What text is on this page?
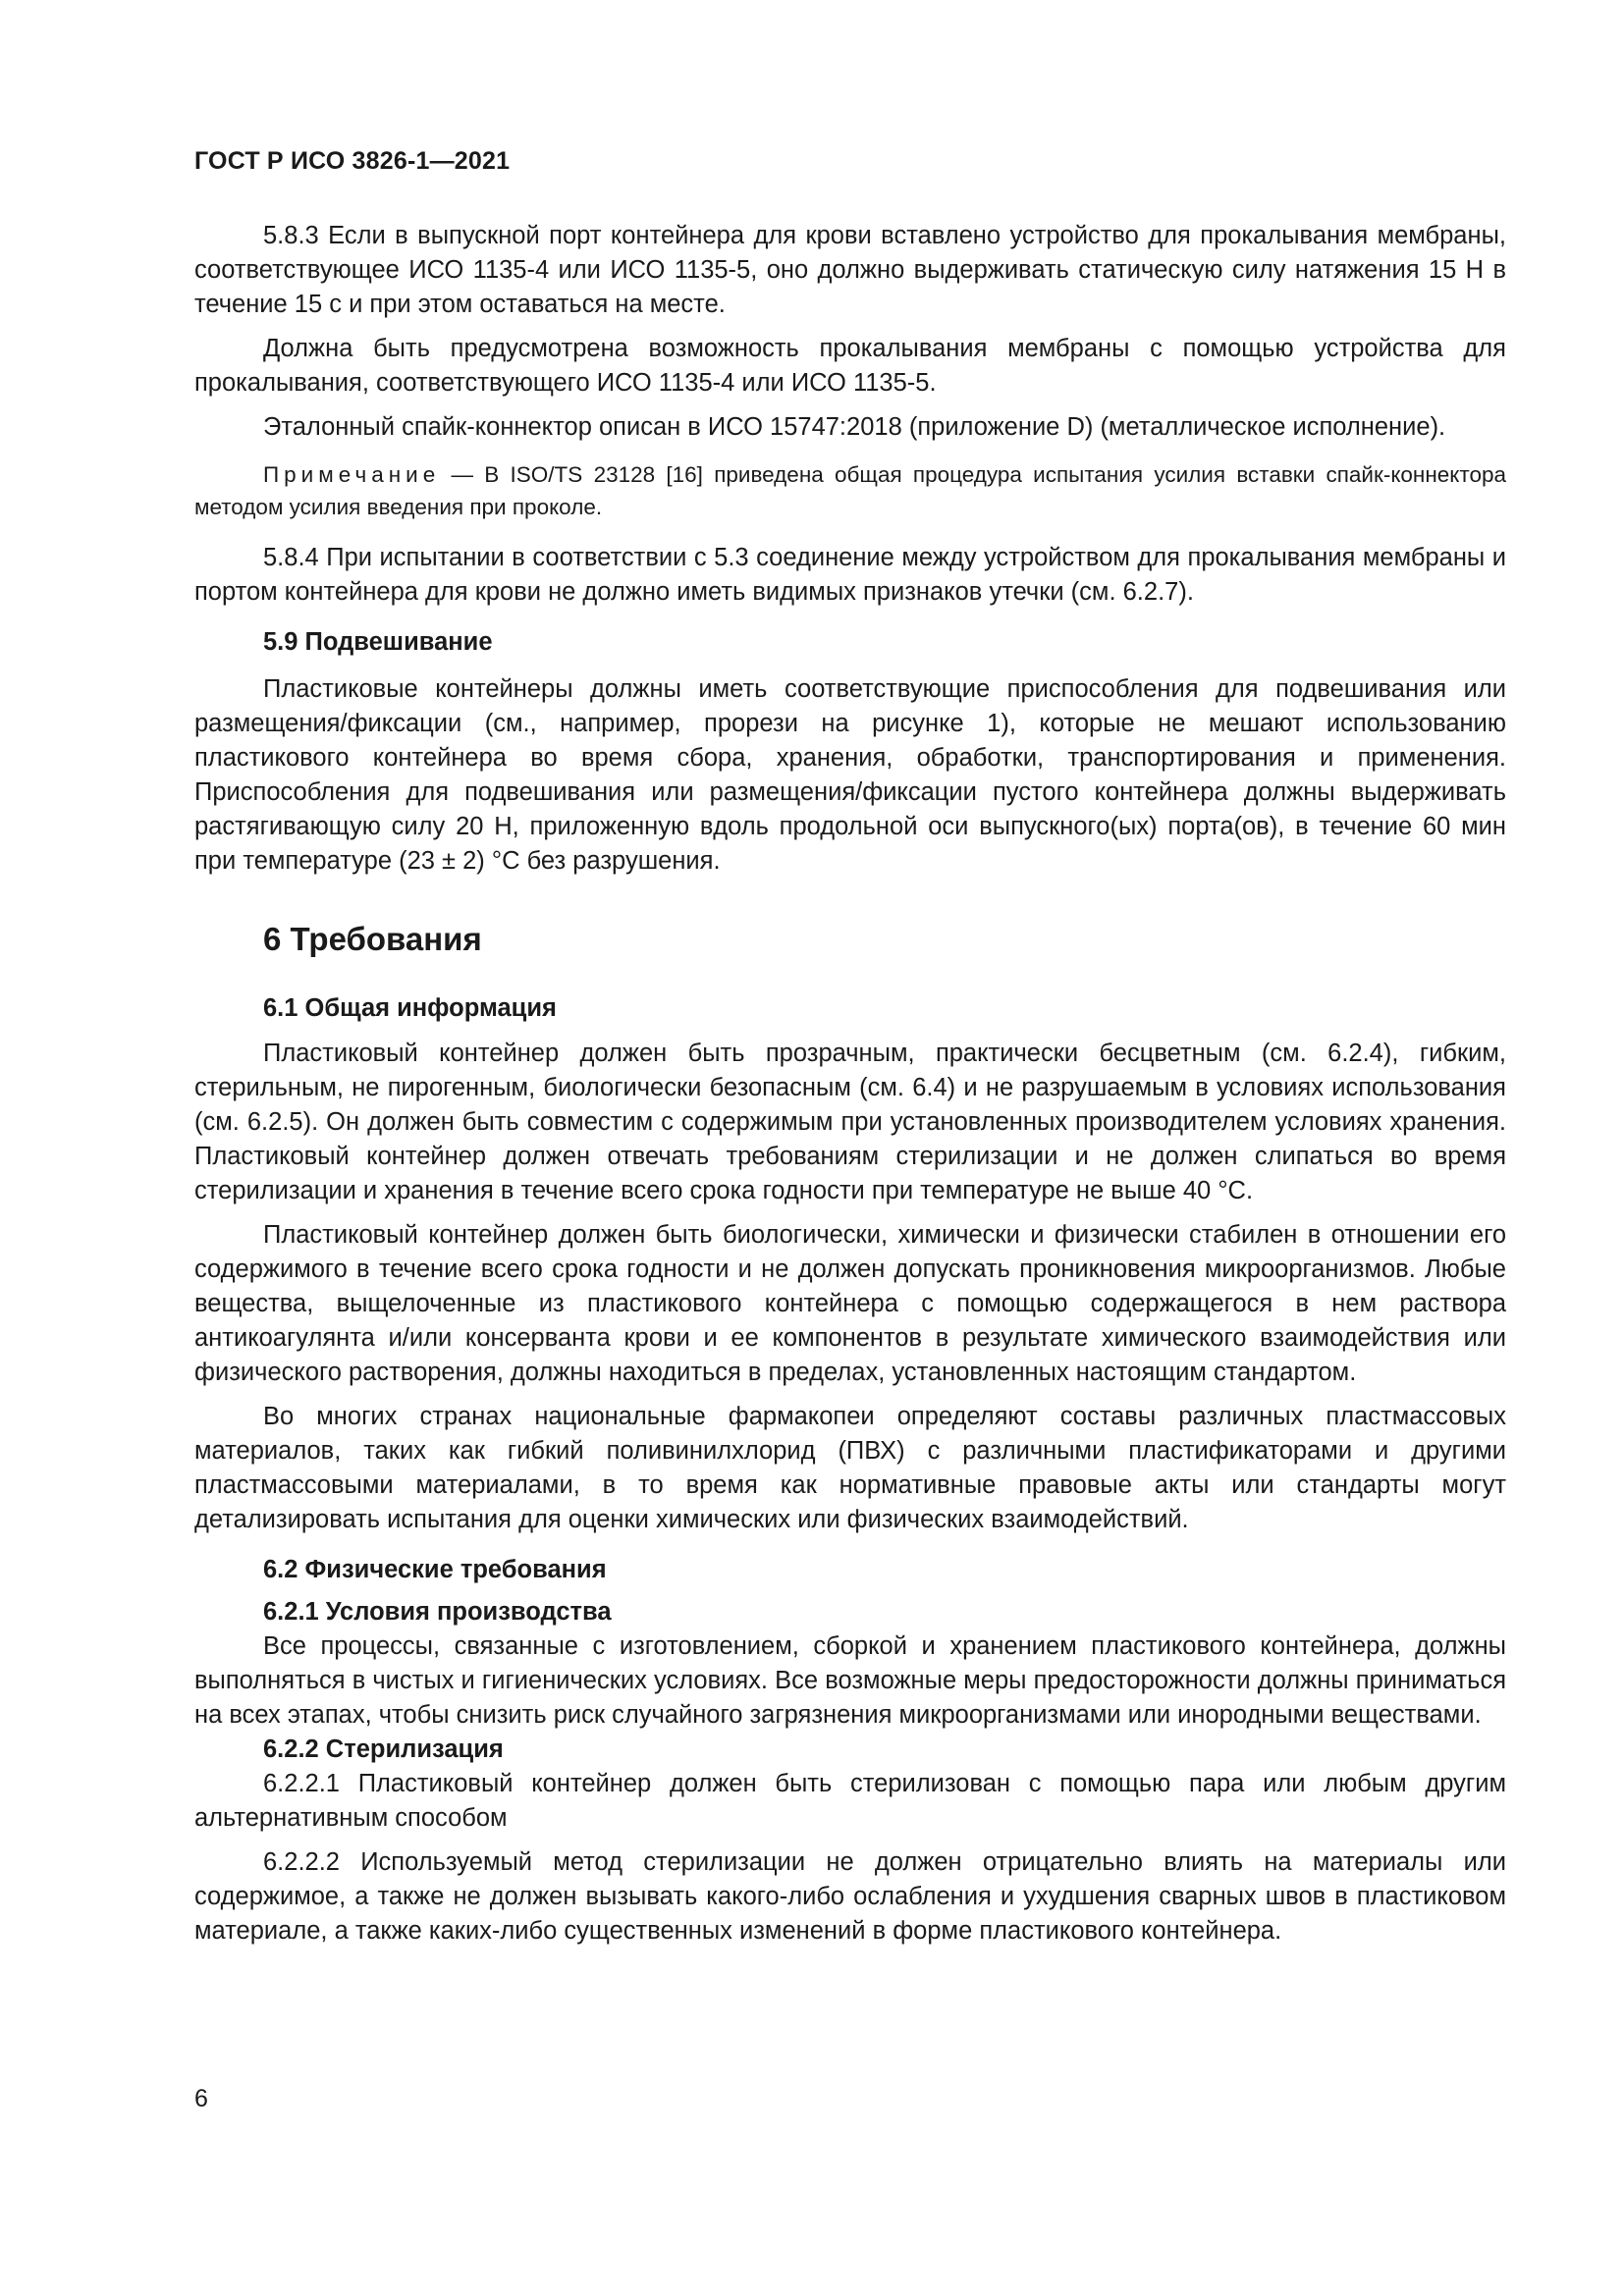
ГОСТ Р ИСО 3826-1—2021

5.8.3 Если в выпускной порт контейнера для крови вставлено устройство для прокалывания мембраны, соответствующее ИСО 1135-4 или ИСО 1135-5, оно должно выдерживать статическую силу натяжения 15 Н в течение 15 с и при этом оставаться на месте.

Должна быть предусмотрена возможность прокалывания мембраны с помощью устройства для прокалывания, соответствующего ИСО 1135-4 или ИСО 1135-5.

Эталонный спайк-коннектор описан в ИСО 15747:2018 (приложение D) (металлическое исполнение).

Примечание — В ISO/TS 23128 [16] приведена общая процедура испытания усилия вставки спайк-коннектора методом усилия введения при проколе.

5.8.4 При испытании в соответствии с 5.3 соединение между устройством для прокалывания мембраны и портом контейнера для крови не должно иметь видимых признаков утечки (см. 6.2.7).

5.9 Подвешивание

Пластиковые контейнеры должны иметь соответствующие приспособления для подвешивания или размещения/фиксации (см., например, прорези на рисунке 1), которые не мешают использованию пластикового контейнера во время сбора, хранения, обработки, транспортирования и применения. Приспособления для подвешивания или размещения/фиксации пустого контейнера должны выдерживать растягивающую силу 20 Н, приложенную вдоль продольной оси выпускного(ых) порта(ов), в течение 60 мин при температуре (23 ± 2) °С без разрушения.

6 Требования
6.1 Общая информация

Пластиковый контейнер должен быть прозрачным, практически бесцветным (см. 6.2.4), гибким, стерильным, не пирогенным, биологически безопасным (см. 6.4) и не разрушаемым в условиях использования (см. 6.2.5). Он должен быть совместим с содержимым при установленных производителем условиях хранения. Пластиковый контейнер должен отвечать требованиям стерилизации и не должен слипаться во время стерилизации и хранения в течение всего срока годности при температуре не выше 40 °С.

Пластиковый контейнер должен быть биологически, химически и физически стабилен в отношении его содержимого в течение всего срока годности и не должен допускать проникновения микроорганизмов. Любые вещества, выщелоченные из пластикового контейнера с помощью содержащегося в нем раствора антикоагулянта и/или консерванта крови и ее компонентов в результате химического взаимодействия или физического растворения, должны находиться в пределах, установленных настоящим стандартом.

Во многих странах национальные фармакопеи определяют составы различных пластмассовых материалов, таких как гибкий поливинилхлорид (ПВХ) с различными пластификаторами и другими пластмассовыми материалами, в то время как нормативные правовые акты или стандарты могут детализировать испытания для оценки химических или физических взаимодействий.

6.2 Физические требования
6.2.1 Условия производства

Все процессы, связанные с изготовлением, сборкой и хранением пластикового контейнера, должны выполняться в чистых и гигиенических условиях. Все возможные меры предосторожности должны приниматься на всех этапах, чтобы снизить риск случайного загрязнения микроорганизмами или инородными веществами.

6.2.2 Стерилизация

6.2.2.1 Пластиковый контейнер должен быть стерилизован с помощью пара или любым другим альтернативным способом

6.2.2.2 Используемый метод стерилизации не должен отрицательно влиять на материалы или содержимое, а также не должен вызывать какого-либо ослабления и ухудшения сварных швов в пластиковом материале, а также каких-либо существенных изменений в форме пластикового контейнера.

6
